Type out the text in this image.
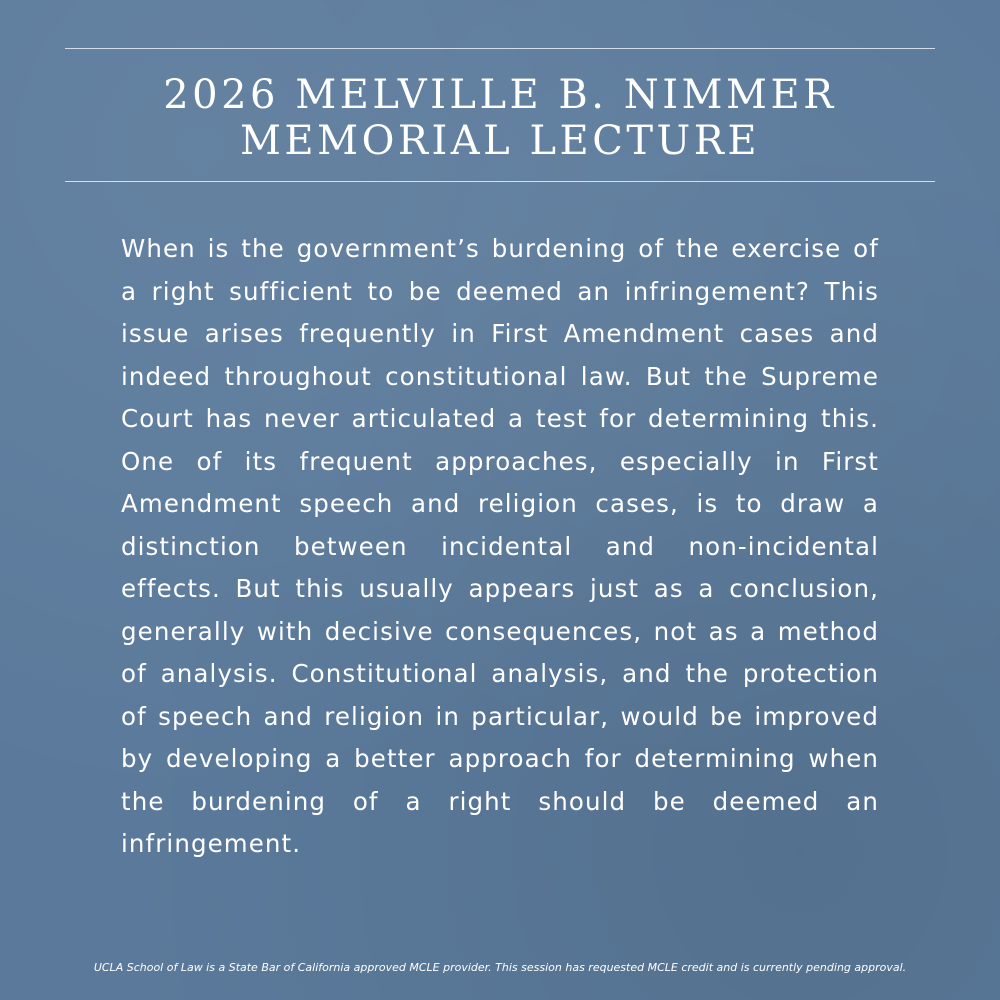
2026 MELVILLE B. NIMMER
MEMORIAL LECTURE

When is the government’s burdening of the exercise of a right sufficient to be deemed an infringement? This issue arises frequently in First Amendment cases and indeed throughout constitutional law. But the Supreme Court has never articulated a test for determining this. One of its frequent approaches, especially in First Amendment speech and religion cases, is to draw a distinction between incidental and non-incidental effects. But this usually appears just as a conclusion, generally with decisive consequences, not as a method of analysis. Constitutional analysis, and the protection of speech and religion in particular, would be improved by developing a better approach for determining when the burdening of a right should be deemed an infringement.

UCLA School of Law is a State Bar of California approved MCLE provider. This session has requested MCLE credit and is currently pending approval.
